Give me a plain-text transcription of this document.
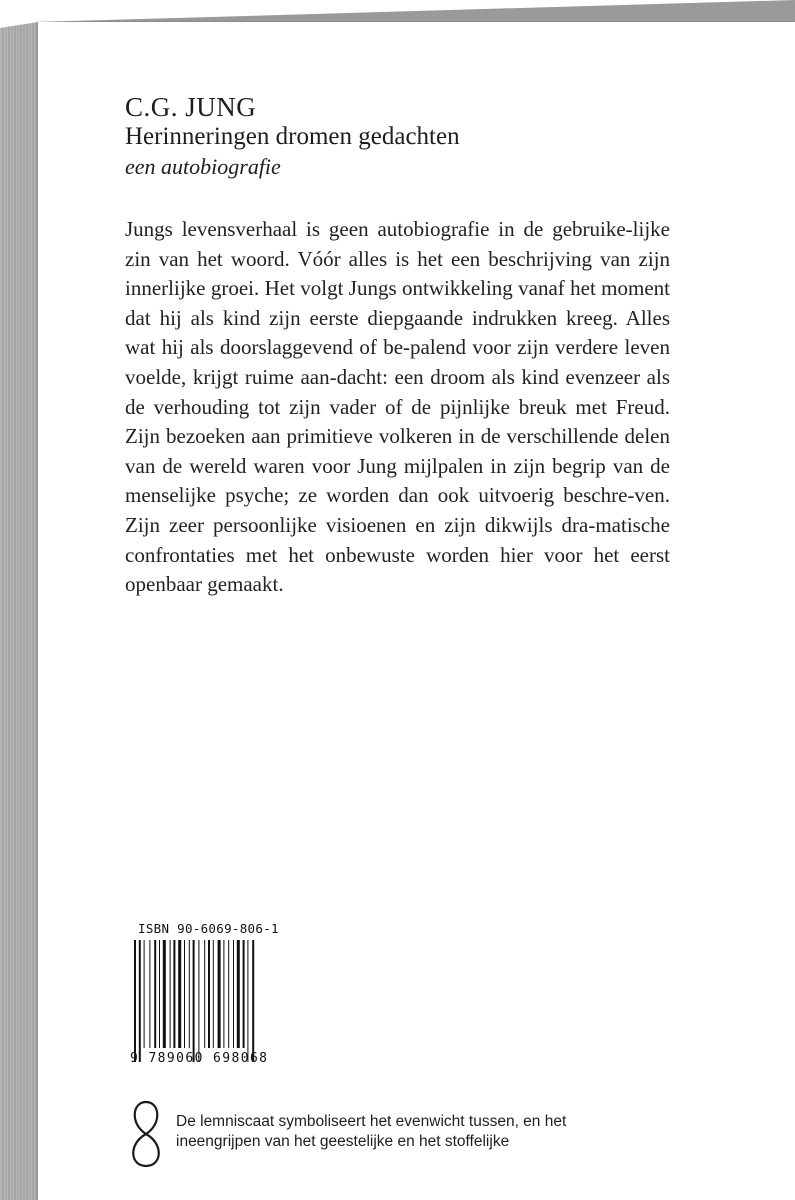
C.G. JUNG
Herinneringen dromen gedachten
een autobiografie

Jungs levensverhaal is geen autobiografie in de gebruike-lijke zin van het woord. Vóór alles is het een beschrijving van zijn innerlijke groei. Het volgt Jungs ontwikkeling vanaf het moment dat hij als kind zijn eerste diepgaande indrukken kreeg. Alles wat hij als doorslaggevend of be-palend voor zijn verdere leven voelde, krijgt ruime aan-dacht: een droom als kind evenzeer als de verhouding tot zijn vader of de pijnlijke breuk met Freud. Zijn bezoeken aan primitieve volkeren in de verschillende delen van de wereld waren voor Jung mijlpalen in zijn begrip van de menselijke psyche; ze worden dan ook uitvoerig beschre-ven. Zijn zeer persoonlijke visioenen en zijn dikwijls dra-matische confrontaties met het onbewuste worden hier voor het eerst openbaar gemaakt.

ISBN 90-6069-806-1
9 789060 698068

De lemniscaat symboliseert het evenwicht tussen, en het
ineengrijpen van het geestelijke en het stoffelijke
